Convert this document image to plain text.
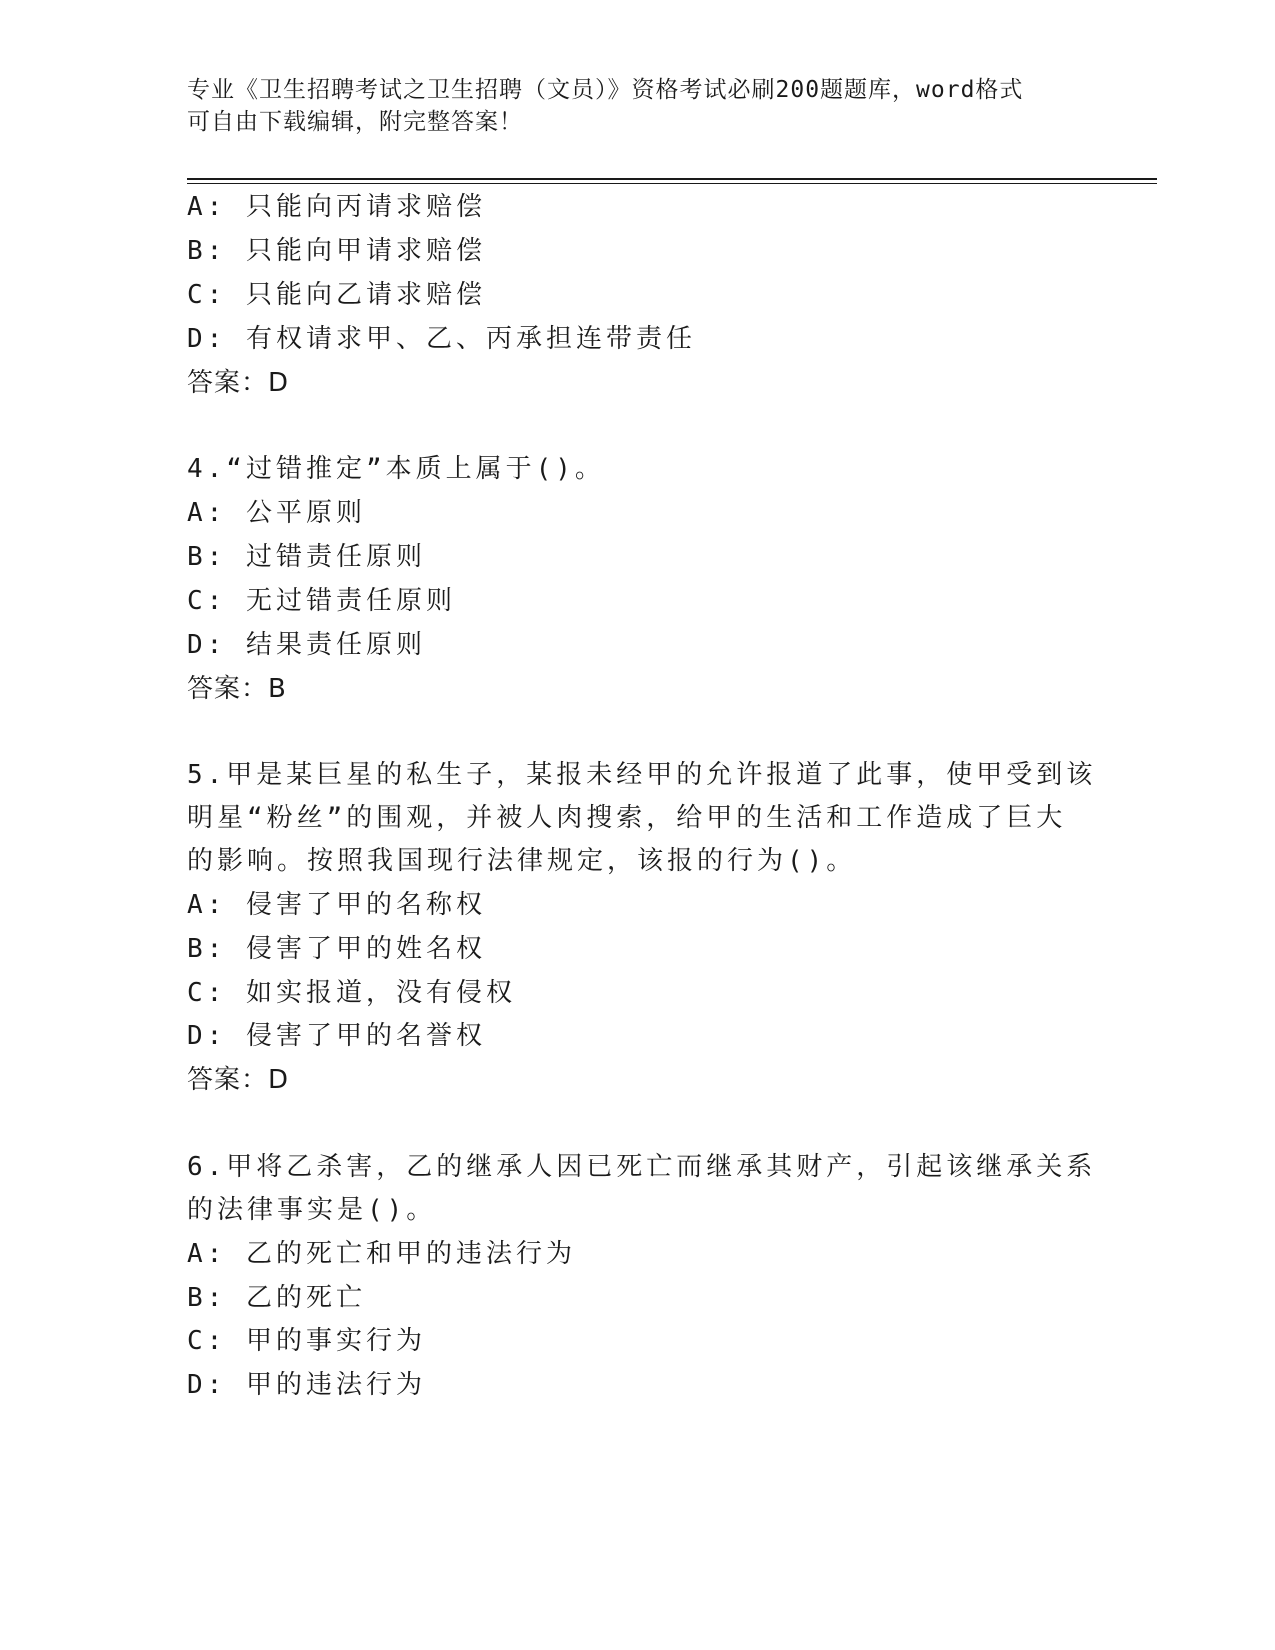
专业《卫生招聘考试之卫生招聘（文员）》资格考试必刷200题题库，word格式
可自由下载编辑，附完整答案！
A: 只能向丙请求赔偿
B: 只能向甲请求赔偿
C: 只能向乙请求赔偿
D: 有权请求甲、乙、丙承担连带责任
答案：D
4.“过错推定”本质上属于()。
A: 公平原则
B: 过错责任原则
C: 无过错责任原则
D: 结果责任原则
答案：B
5.甲是某巨星的私生子，某报未经甲的允许报道了此事，使甲受到该
明星“粉丝”的围观，并被人肉搜索，给甲的生活和工作造成了巨大
的影响。按照我国现行法律规定，该报的行为()。
A: 侵害了甲的名称权
B: 侵害了甲的姓名权
C: 如实报道，没有侵权
D: 侵害了甲的名誉权
答案：D
6.甲将乙杀害，乙的继承人因已死亡而继承其财产，引起该继承关系
的法律事实是()。
A: 乙的死亡和甲的违法行为
B: 乙的死亡
C: 甲的事实行为
D: 甲的违法行为
